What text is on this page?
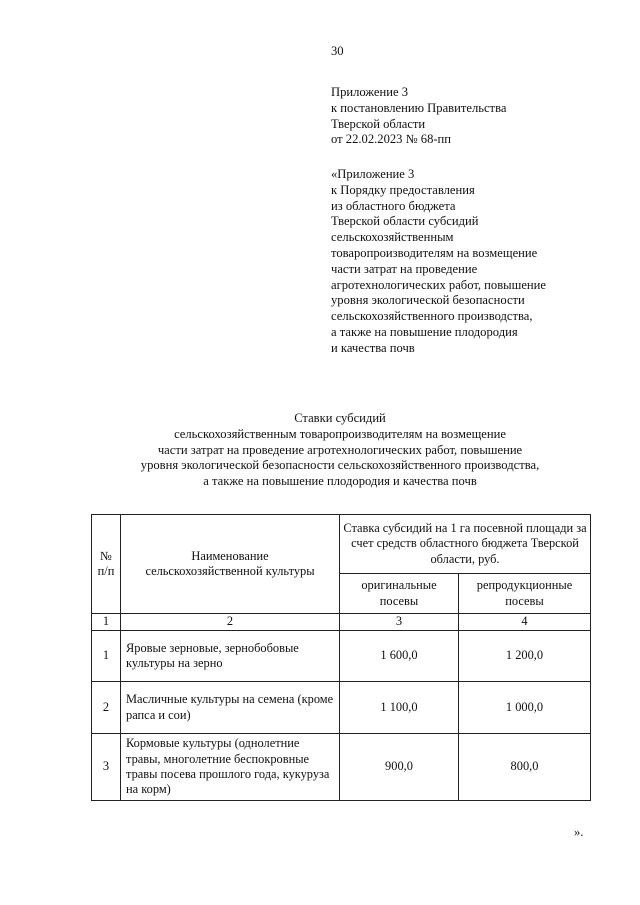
30
Приложение 3
к постановлению Правительства
Тверской области
от 22.02.2023 № 68-пп
«Приложение 3
к Порядку предоставления
из областного бюджета
Тверской области субсидий
сельскохозяйственным
товаропроизводителям на возмещение
части затрат на проведение
агротехнологических работ, повышение
уровня экологической безопасности
сельскохозяйственного производства,
а также на повышение плодородия
и качества почв
Ставки субсидий
сельскохозяйственным товаропроизводителям на возмещение
части затрат на проведение агротехнологических работ, повышение
уровня экологической безопасности сельскохозяйственного производства,
а также на повышение плодородия и качества почв
№ п/п	Наименование сельскохозяйственной культуры	Ставка субсидий на 1 га посевной площади за счет средств областного бюджета Тверской области, руб.	
		оригинальные посевы	репродукционные посевы
1	2	3	4
1	Яровые зерновые, зернобобовые культуры на зерно	1 600,0	1 200,0
2	Масличные культуры на семена (кроме рапса и сои)	1 100,0	1 000,0
3	Кормовые культуры (однолетние травы, многолетние беспокровные травы посева прошлого года, кукуруза на корм)	900,0	800,0
».
